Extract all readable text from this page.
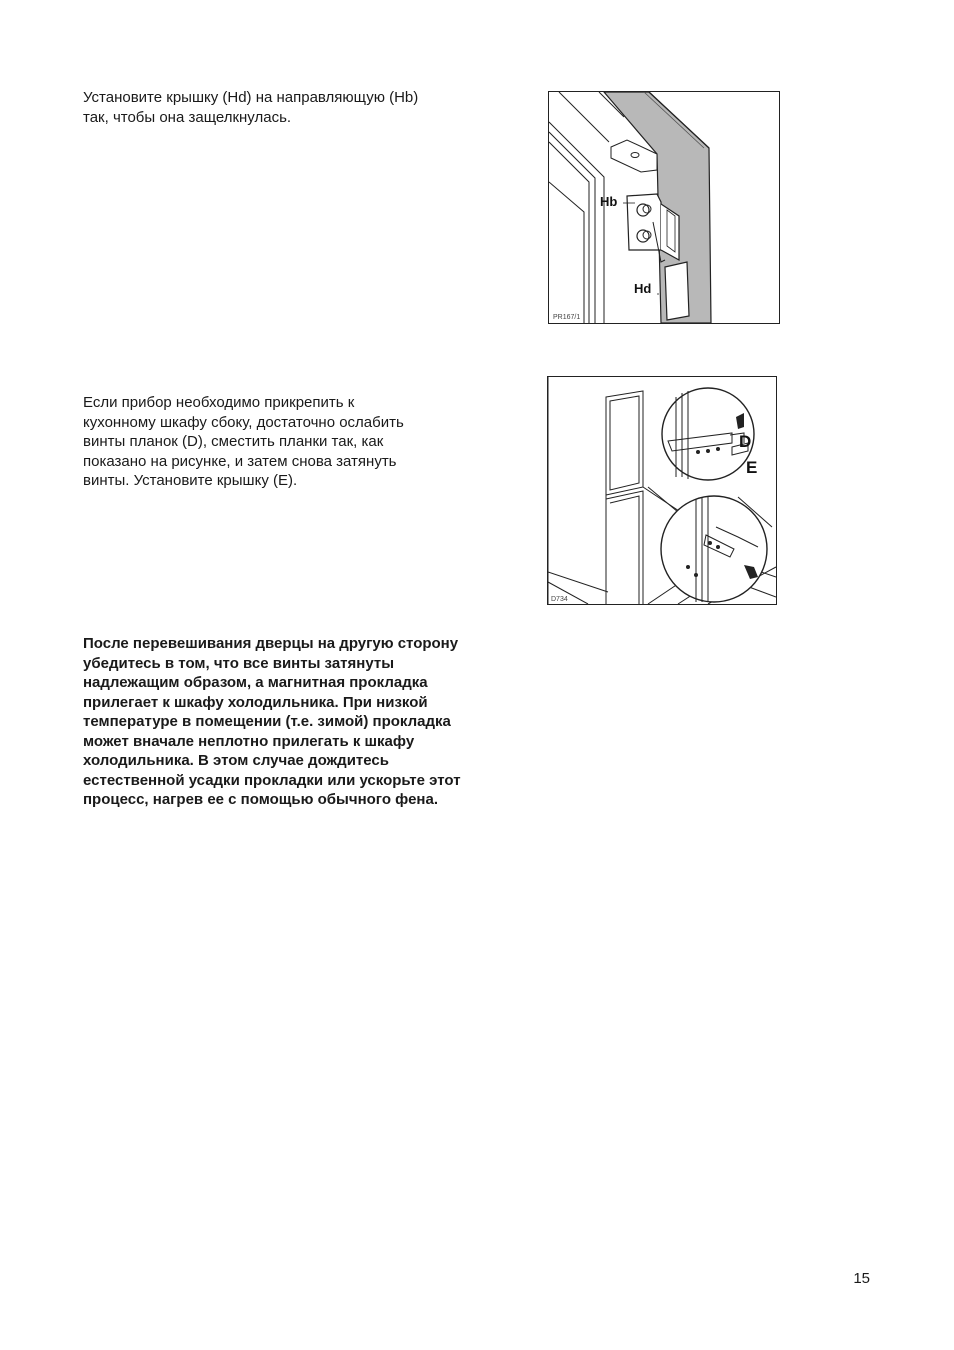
Установите крышку (Hd) на направляющую (Hb)
так, чтобы она защелкнулась.

Hb
Hd
PR167/1

Если прибор необходимо прикрепить к
кухонному шкафу сбоку, достаточно ослабить
винты планок (D), сместить планки так, как
показано на рисунке, и затем снова затянуть
винты. Установите крышку (E).

D
E
D734

После перевешивания дверцы на другую сторону убедитесь в том, что все винты затянуты надлежащим образом, а магнитная прокладка прилегает к шкафу холодильника. При низкой температуре в помещении (т.е. зимой) прокладка может вначале неплотно прилегать к шкафу холодильника. В этом случае дождитесь естественной усадки прокладки или ускорьте этот процесс, нагрев ее с помощью обычного фена.

15
